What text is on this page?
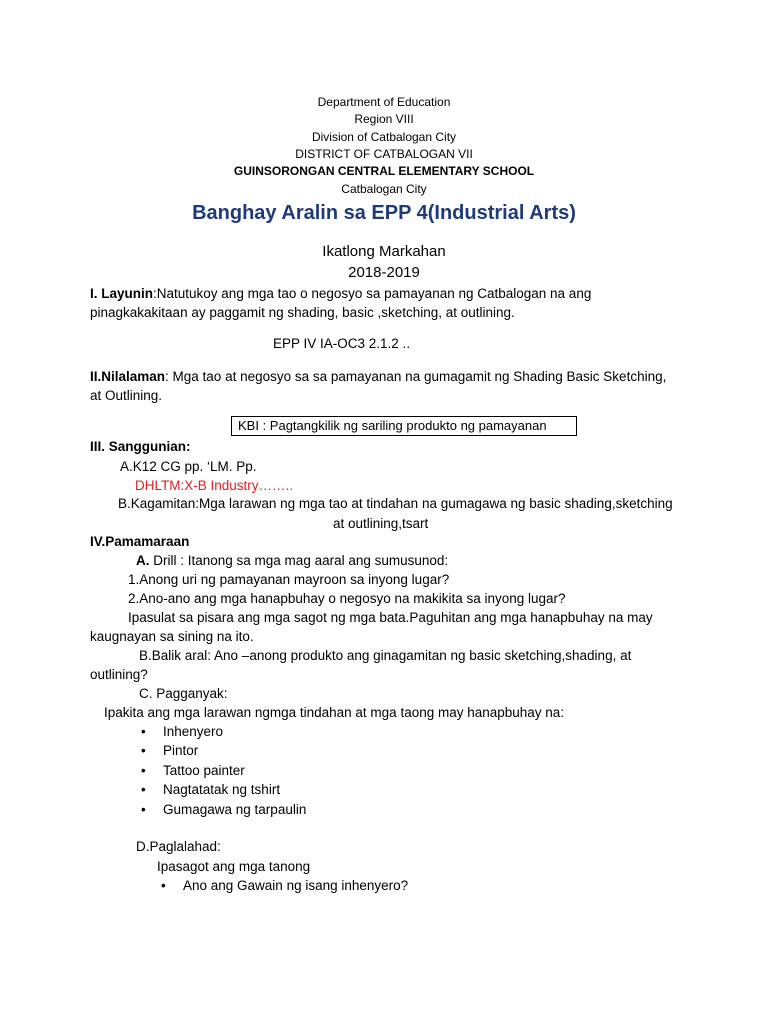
Department of Education
Region VIII
Division of Catbalogan City
DISTRICT OF CATBALOGAN VII
GUINSORONGAN CENTRAL ELEMENTARY SCHOOL
Catbalogan City
Banghay Aralin sa EPP 4(Industrial Arts)
Ikatlong Markahan
2018-2019
I. Layunin:Natutukoy ang mga tao o negosyo sa pamayanan ng Catbalogan na ang
pinagkakakitaan ay paggamit ng shading, basic ,sketching, at outlining.
EPP IV IA-OC3 2.1.2 ..
II.Nilalaman: Mga tao at negosyo sa sa pamayanan na gumagamit ng Shading Basic Sketching,
at Outlining.
KBI : Pagtangkilik ng sariling produkto ng pamayanan
III. Sanggunian:
A.K12 CG pp. ‘LM. Pp.
DHLTM:X-B Industry……..
B.Kagamitan:Mga larawan ng mga tao at tindahan na gumagawa ng basic shading,sketching
at outlining,tsart
IV.Pamamaraan
A. Drill : Itanong sa mga mag aaral ang sumusunod:
1.Anong uri ng pamayanan mayroon sa inyong lugar?
2.Ano-ano ang mga hanapbuhay o negosyo na makikita sa inyong lugar?
Ipasulat sa pisara ang mga sagot ng mga bata.Paguhitan ang mga hanapbuhay na may
kaugnayan sa sining na ito.
B.Balik aral: Ano –anong produkto ang ginagamitan ng basic sketching,shading, at
outlining?
C. Pagganyak:
Ipakita ang mga larawan ngmga tindahan at mga taong may hanapbuhay na:
• Inhenyero
• Pintor
• Tattoo painter
• Nagtatatak ng tshirt
• Gumagawa ng tarpaulin
D.Paglalahad:
Ipasagot ang mga tanong
• Ano ang Gawain ng isang inhenyero?
